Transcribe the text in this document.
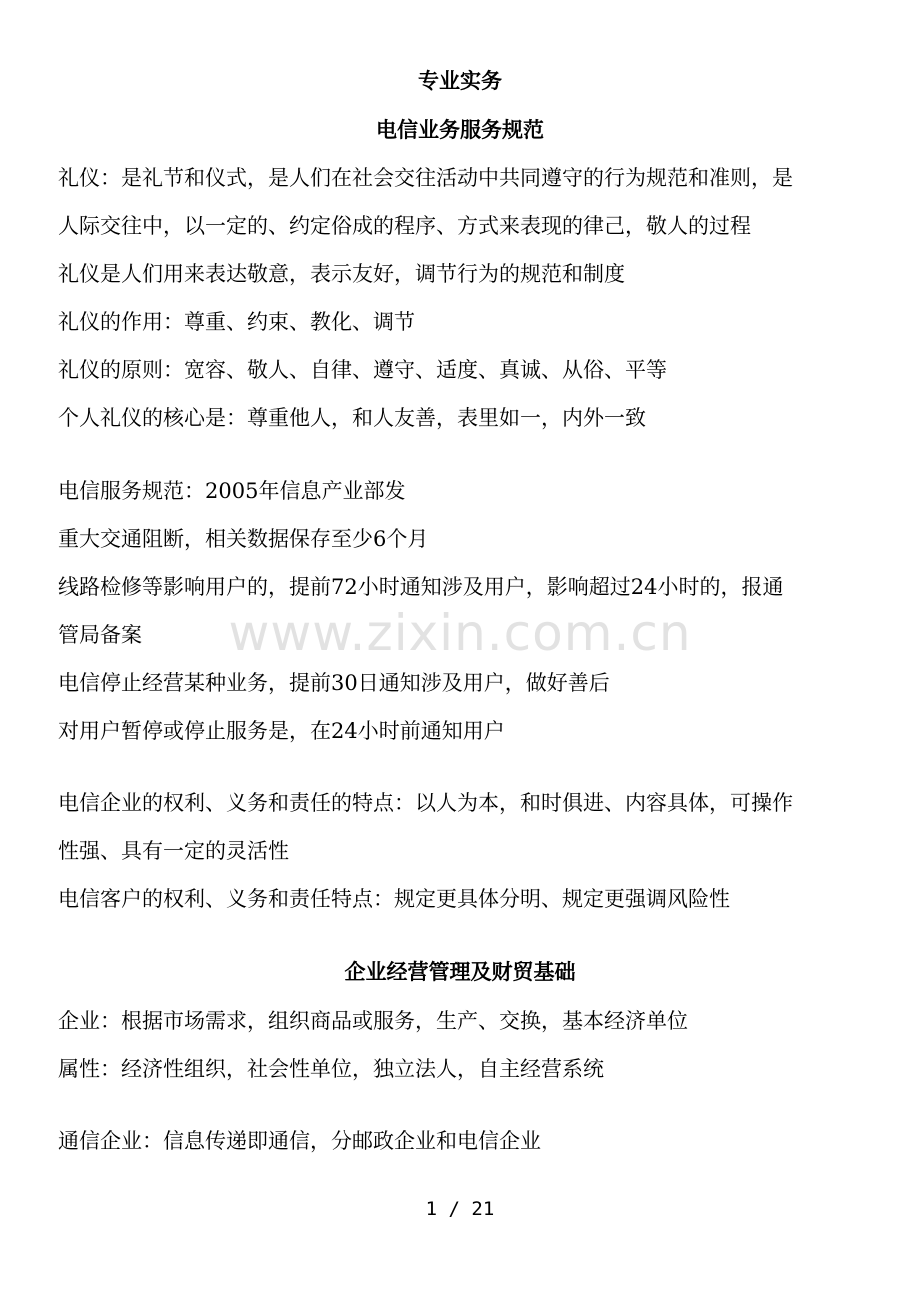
专业实务
电信业务服务规范
礼仪：是礼节和仪式，是人们在社会交往活动中共同遵守的行为规范和准则，是
人际交往中，以一定的、约定俗成的程序、方式来表现的律己，敬人的过程
礼仪是人们用来表达敬意，表示友好，调节行为的规范和制度
礼仪的作用：尊重、约束、教化、调节
礼仪的原则：宽容、敬人、自律、遵守、适度、真诚、从俗、平等
个人礼仪的核心是：尊重他人，和人友善，表里如一，内外一致
电信服务规范：2005年信息产业部发
重大交通阻断，相关数据保存至少6个月
线路检修等影响用户的，提前72小时通知涉及用户，影响超过24小时的，报通
管局备案
电信停止经营某种业务，提前30日通知涉及用户，做好善后
对用户暂停或停止服务是，在24小时前通知用户
电信企业的权利、义务和责任的特点：以人为本，和时俱进、内容具体，可操作
性强、具有一定的灵活性
电信客户的权利、义务和责任特点：规定更具体分明、规定更强调风险性
企业经营管理及财贸基础
企业：根据市场需求，组织商品或服务，生产、交换，基本经济单位
属性：经济性组织，社会性单位，独立法人，自主经营系统
通信企业：信息传递即通信，分邮政企业和电信企业
www.zixin.com.cn
1 / 21
